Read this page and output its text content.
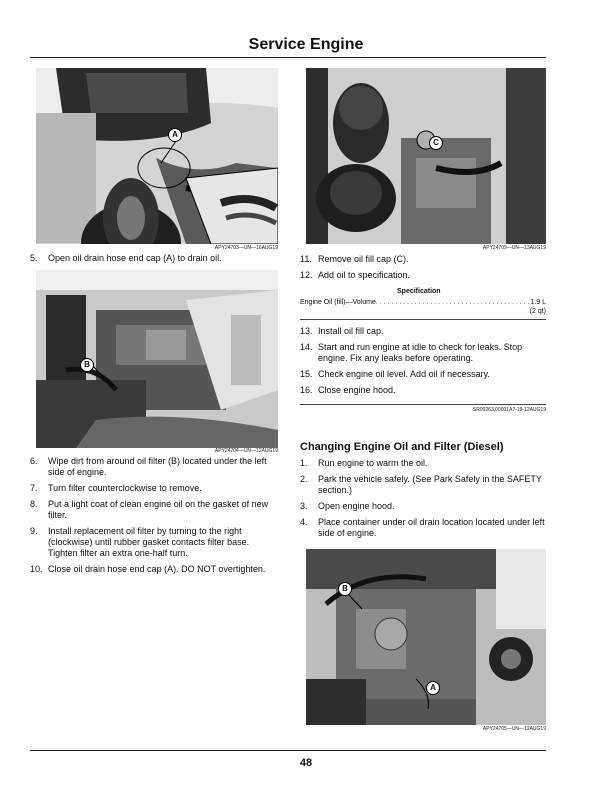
Service Engine
A
APY24703—UN—16AUG19
5. Open oil drain hose end cap (A) to drain oil.
B
APY24704—UN—12AUG19
6. Wipe dirt from around oil filter (B) located under the left side of engine.
7. Turn filter counterclockwise to remove.
8. Put a light coat of clean engine oil on the gasket of new filter.
9. Install replacement oil filter by turning to the right (clockwise) until rubber gasket contacts filter base. Tighten filter an extra one-half turn.
10. Close oil drain hose end cap (A). DO NOT overtighten.
C
APY24709—UN—13AUG19
11. Remove oil fill cap (C).
12. Add oil to specification.
Specification
Engine Oil (fill)—Volume
. . .	1.9 L
(2 qt)
13. Install oil fill cap.
14. Start and run engine at idle to check for leaks. Stop engine. Fix any leaks before operating.
15. Check engine oil level. Add oil if necessary.
16. Close engine hood.
SR99263,00001A7-19-12AUG19
Changing Engine Oil and Filter (Diesel)
1. Run engine to warm the oil.
2. Park the vehicle safely. (See Park Safely in the SAFETY section.)
3. Open engine hood.
4. Place container under oil drain location located under left side of engine.
B
A
APY24705—UN—12AUG19
48
